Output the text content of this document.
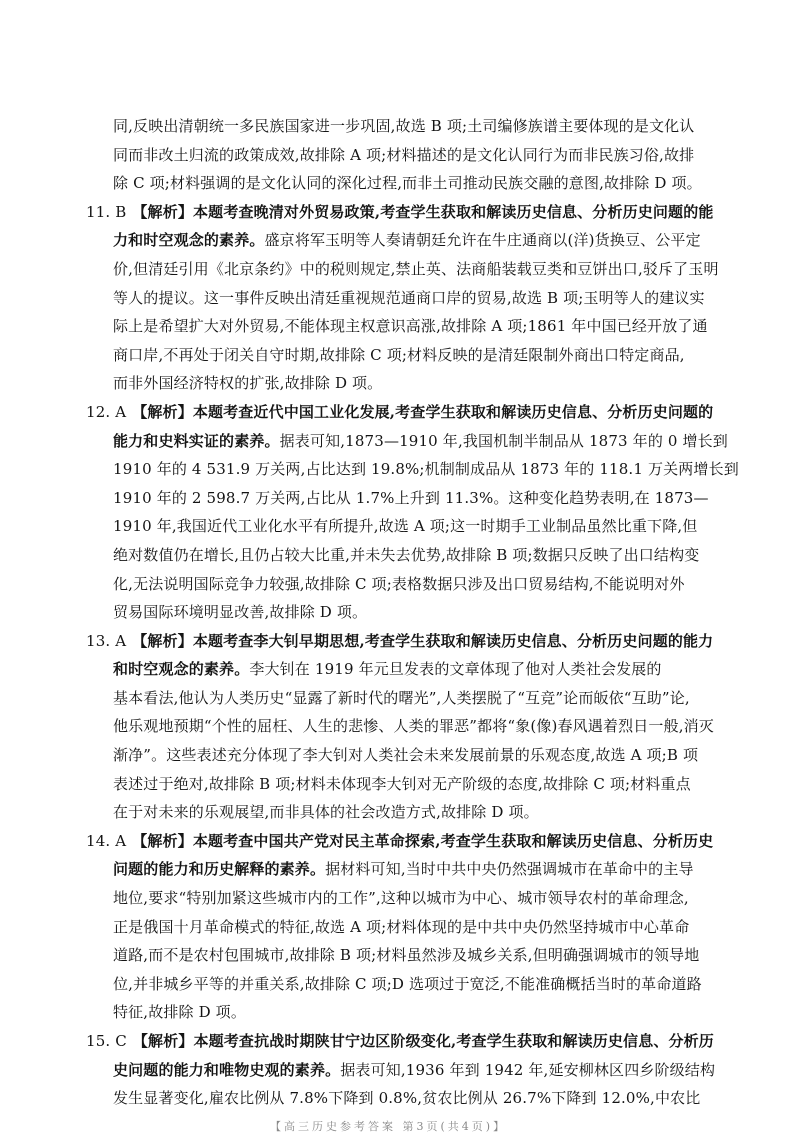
同,反映出清朝统一多民族国家进一步巩固,故选 B 项;土司编修族谱主要体现的是文化认
同而非改土归流的政策成效,故排除 A 项;材料描述的是文化认同行为而非民族习俗,故排
除 C 项;材料强调的是文化认同的深化过程,而非土司推动民族交融的意图,故排除 D 项。
11. B 【解析】本题考查晚清对外贸易政策,考查学生获取和解读历史信息、分析历史问题的能
力和时空观念的素养。盛京将军玉明等人奏请朝廷允许在牛庄通商以(洋)货换豆、公平定
价,但清廷引用《北京条约》中的税则规定,禁止英、法商船装载豆类和豆饼出口,驳斥了玉明
等人的提议。这一事件反映出清廷重视规范通商口岸的贸易,故选 B 项;玉明等人的建议实
际上是希望扩大对外贸易,不能体现主权意识高涨,故排除 A 项;1861 年中国已经开放了通
商口岸,不再处于闭关自守时期,故排除 C 项;材料反映的是清廷限制外商出口特定商品,
而非外国经济特权的扩张,故排除 D 项。
12. A 【解析】本题考查近代中国工业化发展,考查学生获取和解读历史信息、分析历史问题的
能力和史料实证的素养。据表可知,1873—1910 年,我国机制半制品从 1873 年的 0 增长到
1910 年的 4 531.9 万关两,占比达到 19.8%;机制制成品从 1873 年的 118.1 万关两增长到
1910 年的 2 598.7 万关两,占比从 1.7%上升到 11.3%。这种变化趋势表明,在 1873—
1910 年,我国近代工业化水平有所提升,故选 A 项;这一时期手工业制品虽然比重下降,但
绝对数值仍在增长,且仍占较大比重,并未失去优势,故排除 B 项;数据只反映了出口结构变
化,无法说明国际竞争力较强,故排除 C 项;表格数据只涉及出口贸易结构,不能说明对外
贸易国际环境明显改善,故排除 D 项。
13. A 【解析】本题考查李大钊早期思想,考查学生获取和解读历史信息、分析历史问题的能力
和时空观念的素养。李大钊在 1919 年元旦发表的文章体现了他对人类社会发展的
基本看法,他认为人类历史“显露了新时代的曙光”,人类摆脱了“互竞”论而皈依“互助”论,
他乐观地预期“个性的屈枉、人生的悲惨、人类的罪恶”都将“象(像)春风遇着烈日一般,消灭
渐净”。这些表述充分体现了李大钊对人类社会未来发展前景的乐观态度,故选 A 项;B 项
表述过于绝对,故排除 B 项;材料未体现李大钊对无产阶级的态度,故排除 C 项;材料重点
在于对未来的乐观展望,而非具体的社会改造方式,故排除 D 项。
14. A 【解析】本题考查中国共产党对民主革命探索,考查学生获取和解读历史信息、分析历史
问题的能力和历史解释的素养。据材料可知,当时中共中央仍然强调城市在革命中的主导
地位,要求“特别加紧这些城市内的工作”,这种以城市为中心、城市领导农村的革命理念,
正是俄国十月革命模式的特征,故选 A 项;材料体现的是中共中央仍然坚持城市中心革命
道路,而不是农村包围城市,故排除 B 项;材料虽然涉及城乡关系,但明确强调城市的领导地
位,并非城乡平等的并重关系,故排除 C 项;D 选项过于宽泛,不能准确概括当时的革命道路
特征,故排除 D 项。
15. C 【解析】本题考查抗战时期陕甘宁边区阶级变化,考查学生获取和解读历史信息、分析历
史问题的能力和唯物史观的素养。据表可知,1936 年到 1942 年,延安柳林区四乡阶级结构
发生显著变化,雇农比例从 7.8%下降到 0.8%,贫农比例从 26.7%下降到 12.0%,中农比
【高三历史参考答案 第3页(共4页)】
